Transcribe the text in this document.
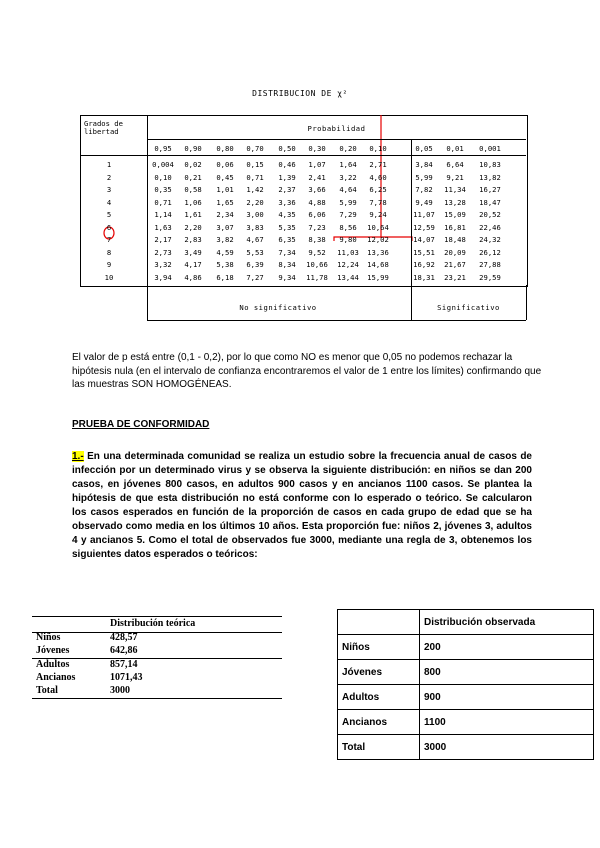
DISTRIBUCION DE χ²
Grados de
libertad	Probabilidad
No significativo	Significativo
0,95	0,90	0,80	0,70	0,50	0,30	0,20	0,10	0,05	0,01	0,001
1	0,004	0,02	0,06	0,15	0,46	1,07	1,64	2,71	3,84	6,64	10,83
2	0,10	0,21	0,45	0,71	1,39	2,41	3,22	4,60	5,99	9,21	13,82
3	0,35	0,58	1,01	1,42	2,37	3,66	4,64	6,25	7,82	11,34	16,27
4	0,71	1,06	1,65	2,20	3,36	4,88	5,99	7,78	9,49	13,28	18,47
5	1,14	1,61	2,34	3,00	4,35	6,06	7,29	9,24	11,07	15,09	20,52
6	1,63	2,20	3,07	3,83	5,35	7,23	8,56	10,64	12,59	16,81	22,46
7	2,17	2,83	3,82	4,67	6,35	8,38	9,80	12,02	14,07	18,48	24,32
8	2,73	3,49	4,59	5,53	7,34	9,52	11,03	13,36	15,51	20,09	26,12
9	3,32	4,17	5,38	6,39	8,34	10,66	12,24	14,68	16,92	21,67	27,88
10	3,94	4,86	6,18	7,27	9,34	11,78	13,44	15,99	18,31	23,21	29,59
El valor de p está entre (0,1 - 0,2), por lo que como NO es menor que 0,05 no podemos rechazar la hipótesis nula (en el intervalo de confianza encontraremos el valor de 1 entre los límites) confirmando que las muestras SON HOMOGÉNEAS.
PRUEBA DE CONFORMIDAD
1.- En una determinada comunidad se realiza un estudio sobre la frecuencia anual de casos de infección por un determinado virus y se observa la siguiente distribución: en niños se dan 200 casos, en jóvenes 800 casos, en adultos 900 casos y en ancianos 1100 casos. Se plantea la hipótesis de que esta distribución no está conforme con lo esperado o teórico. Se calcularon los casos esperados en función de la proporción de casos en cada grupo de edad que se ha observado como media en los últimos 10 años. Esta proporción fue: niños 2, jóvenes 3, adultos 4 y ancianos 5. Como el total de observados fue 3000, mediante una regla de 3, obtenemos los siguientes datos esperados o teóricos:
Distribución teórica
Niños	428,57
Jóvenes	642,86
Adultos	857,14
Ancianos	1071,43
Total	3000
	Distribución observada
Niños	200
Jóvenes	800
Adultos	900
Ancianos	1100
Total	3000
